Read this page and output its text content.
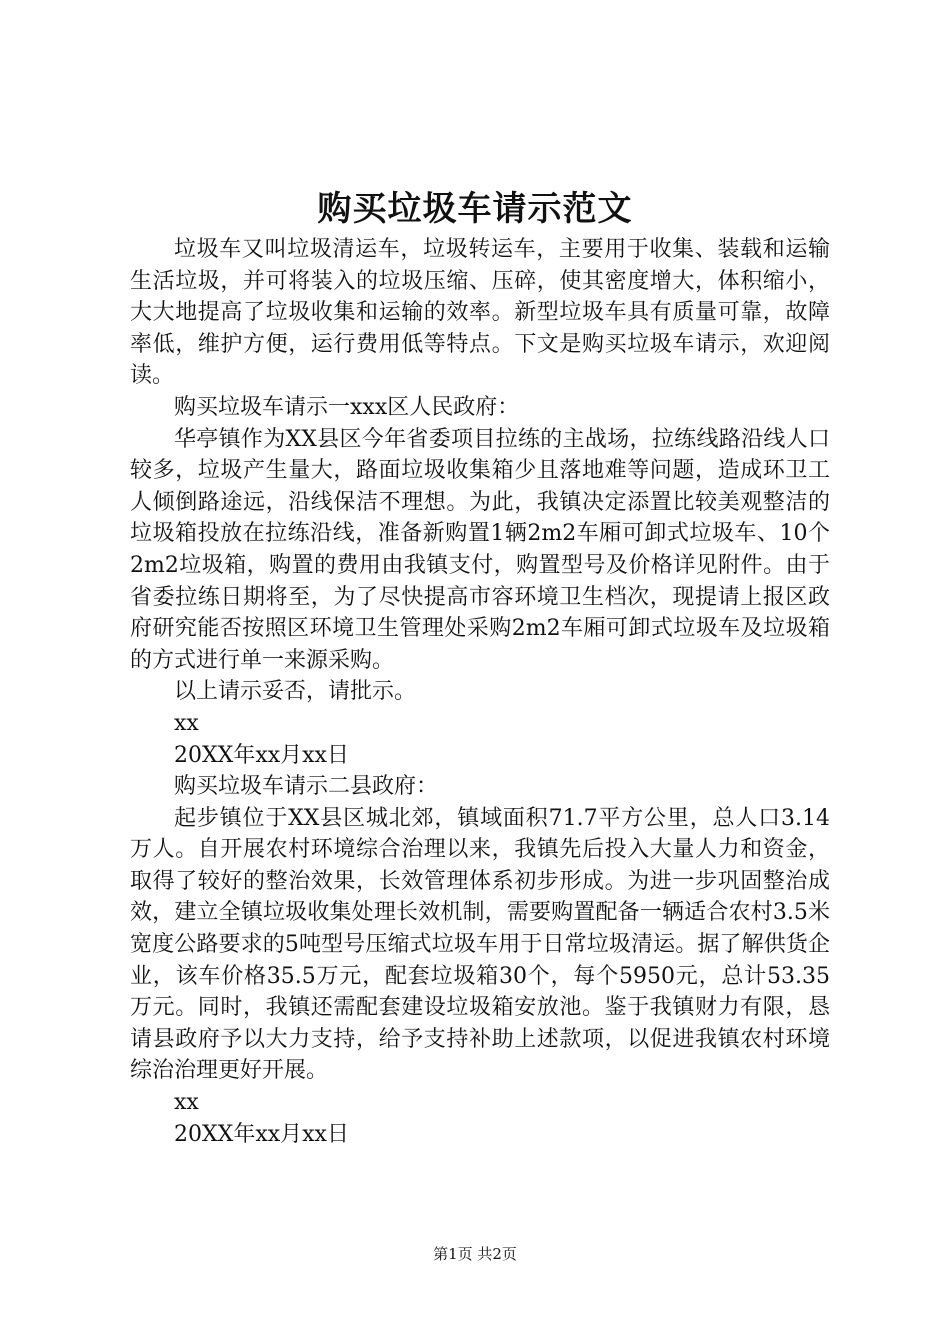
购买垃圾车请示范文

垃圾车又叫垃圾清运车，垃圾转运车，主要用于收集、装载和运输生活垃圾，并可将装入的垃圾压缩、压碎，使其密度增大，体积缩小，大大地提高了垃圾收集和运输的效率。新型垃圾车具有质量可靠，故障率低，维护方便，运行费用低等特点。下文是购买垃圾车请示，欢迎阅读。

购买垃圾车请示一xxx区人民政府：

华亭镇作为XX县区今年省委项目拉练的主战场，拉练线路沿线人口较多，垃圾产生量大，路面垃圾收集箱少且落地难等问题，造成环卫工人倾倒路途远，沿线保洁不理想。为此，我镇决定添置比较美观整洁的垃圾箱投放在拉练沿线，准备新购置1辆2m2车厢可卸式垃圾车、10个2m2垃圾箱，购置的费用由我镇支付，购置型号及价格详见附件。由于省委拉练日期将至，为了尽快提高市容环境卫生档次，现提请上报区政府研究能否按照区环境卫生管理处采购2m2车厢可卸式垃圾车及垃圾箱的方式进行单一来源采购。

以上请示妥否，请批示。

xx

20XX年xx月xx日

购买垃圾车请示二县政府：

起步镇位于XX县区城北郊，镇域面积71.7平方公里，总人口3.14万人。自开展农村环境综合治理以来，我镇先后投入大量人力和资金，取得了较好的整治效果，长效管理体系初步形成。为进一步巩固整治成效，建立全镇垃圾收集处理长效机制，需要购置配备一辆适合农村3.5米宽度公路要求的5吨型号压缩式垃圾车用于日常垃圾清运。据了解供货企业，该车价格35.5万元，配套垃圾箱30个，每个5950元，总计53.35万元。同时，我镇还需配套建设垃圾箱安放池。鉴于我镇财力有限，恳请县政府予以大力支持，给予支持补助上述款项，以促进我镇农村环境综治治理更好开展。

xx

20XX年xx月xx日

第1页 共2页
